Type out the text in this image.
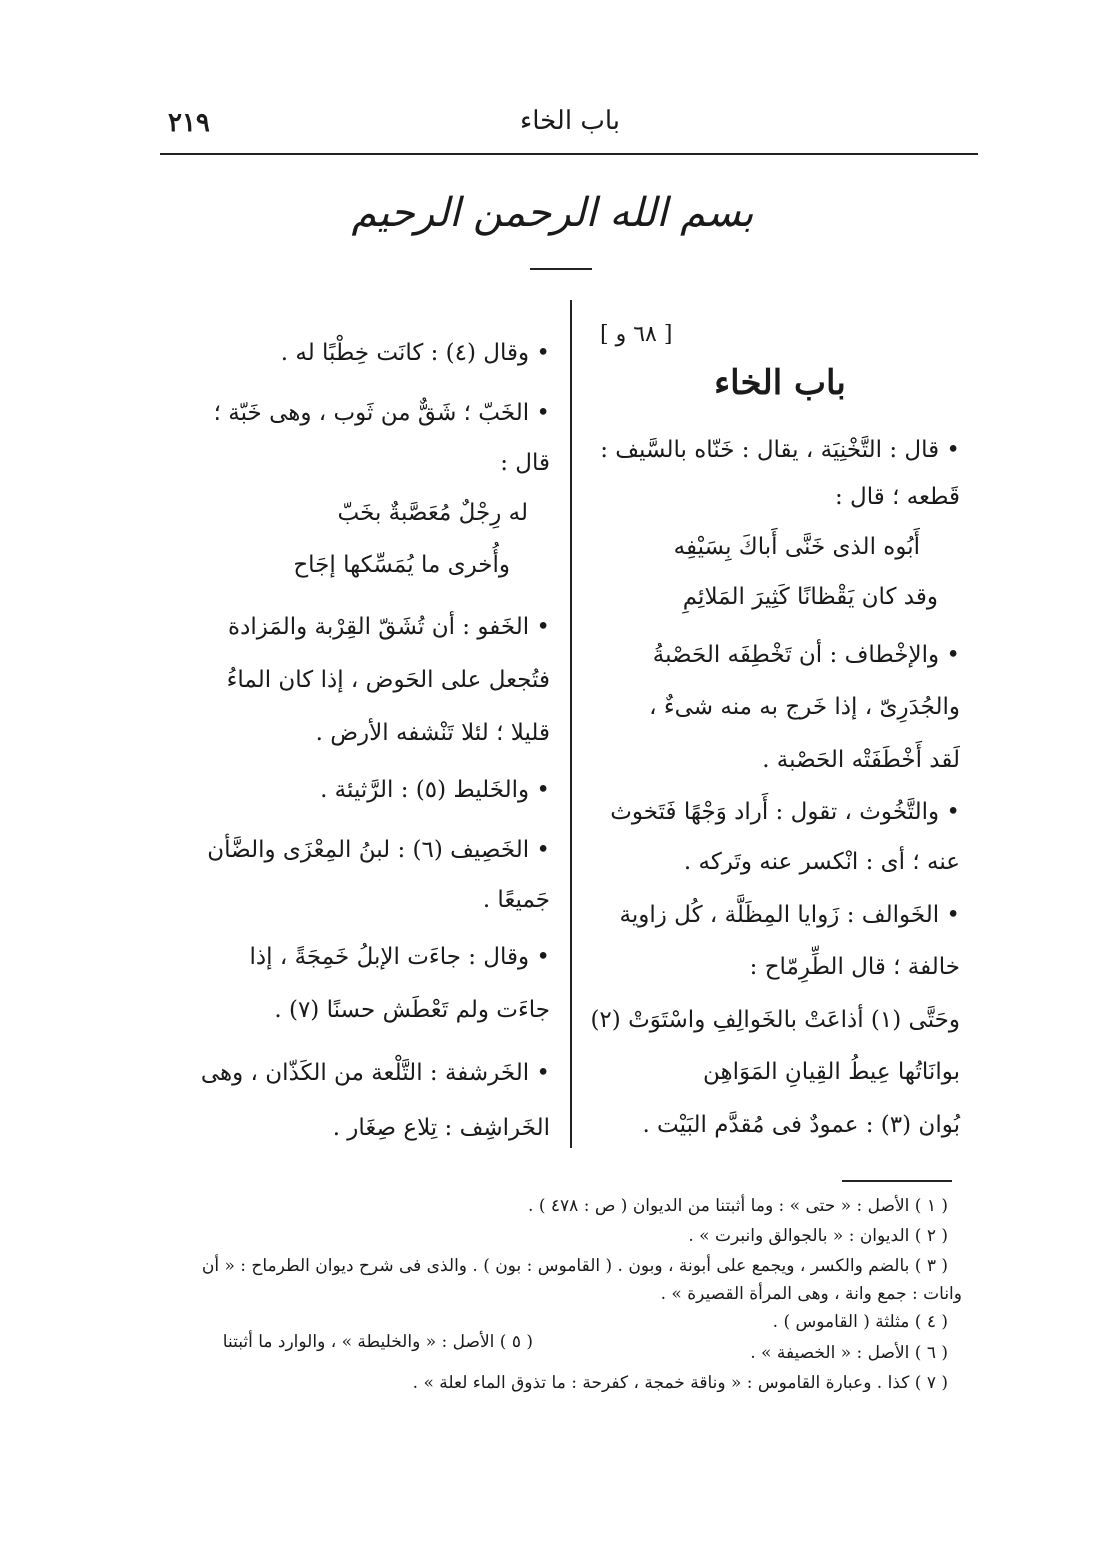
٢١٩	باب الخاء
بسم الله الرحمن الرحيم
[ ٦٨ و ]
باب الخاء
• قال : التَّخْنِيَة ، يقال : خَنّاه بالسَّيف :
قَطعه ؛ قال :
أَبُوه الذى خَنَّى أَباكَ بِسَيْفِه
وقد كان يَقْظانًا كَثِيرَ المَلائِمِ
• والإخْطاف : أن تَخْطِفَه الحَصْبةُ
والجُدَرِىّ ، إذا خَرج به منه شىءٌ ،
لَقد أَخْطَفَتْه الحَصْبة .
• والتَّخُوث ، تقول : أَراد وَجْهًا فَتَخوث
عنه ؛ أى : انْكسر عنه وتَركه .
• الخَوالف : زَوايا المِظَلَّة ، كُل زاوية
خالفة ؛ قال الطِّرِمّاح :
وحَتَّى (١) أذاعَتْ بالخَوالِفِ واسْتَوَتْ (٢)
بوانَاتُها عِيطُ القِيانِ المَوَاهِن
بُوان (٣) : عمودٌ فى مُقدَّم البَيْت .
• وقال (٤) : كانَت خِطْبًا له .
• الخَبّ ؛ شَقٌّ من ثَوب ، وهى خَبّة ؛
قال :
له رِجْلٌ مُعَصَّبةٌ بخَبّ
وأُخرى ما يُمَسِّكها إجَاح
• الخَفو : أن تُشَقّ القِرْبة والمَزادة
فتُجعل على الحَوض ، إذا كان الماءُ
قليلا ؛ لئلا تَنْشفه الأرض .
• والخَليط (٥) : الرَّثيئة .
• الخَصِيف (٦) : لبنُ المِعْزَى والضَّأن
جَميعًا .
• وقال : جاءَت الإبلُ خَمِجَةً ، إذا
جاءَت ولم تَعْطَش حسنًا (٧) .
• الخَرشفة : التَّلْعة من الكَذّان ، وهى
الخَراشِف : تِلاع صِغَار .
( ١ ) الأصل : « حتى » : وما أثبتنا من الديوان ( ص : ٤٧٨ ) .
( ٢ ) الديوان : « بالجوالق وانبرت » .
( ٣ ) بالضم والكسر ، ويجمع على أبونة ، وبون . ( القاموس : بون ) . والذى فى شرح ديوان الطرماح : « أن
وانات : جمع وانة ، وهى المرأة القصيرة » .
( ٤ ) مثلثة ( القاموس ) .
( ٥ ) الأصل : « والخليطة » ، والوارد ما أثبتنا
( ٦ ) الأصل : « الخصيفة » .
( ٧ ) كذا . وعبارة القاموس : « وناقة خمجة ، كفرحة : ما تذوق الماء لعلة » .
